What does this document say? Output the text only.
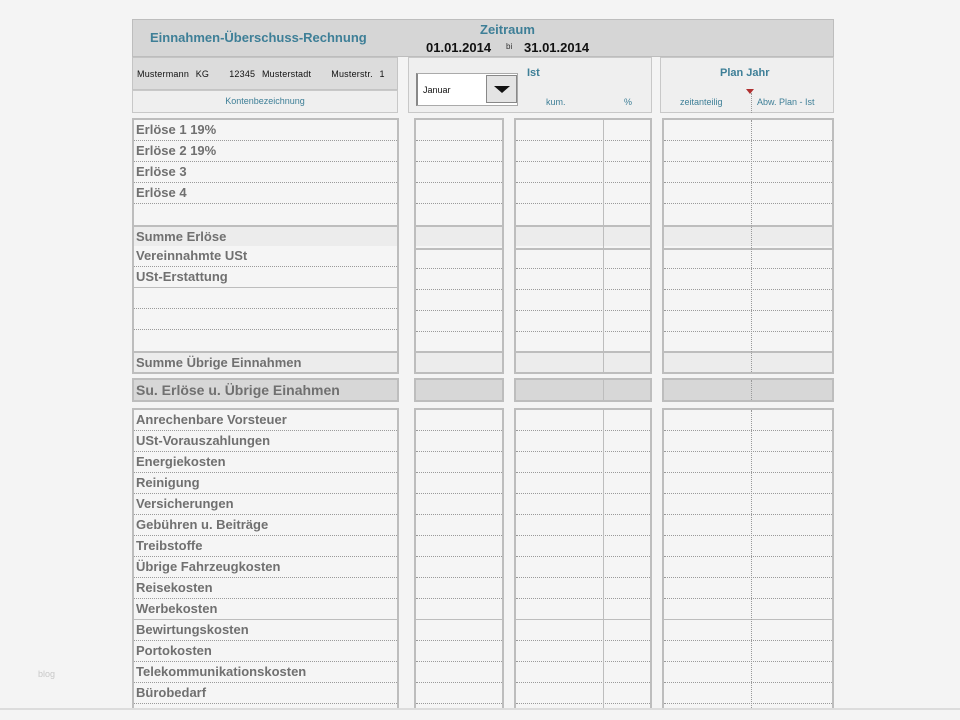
Einnahmen-Überschuss-Rechnung
Zeitraum
01.01.2014 bi 31.01.2014
Mustermann KG   12345 Musterstadt   Musterstr. 1
Kontenbezeichnung
Ist
Januar
kum.	%
Plan Jahr
zeitanteilig	Abw. Plan - Ist
Erlöse 1 19%
Erlöse 2 19%
Erlöse 3
Erlöse 4
Summe Erlöse
Vereinnahmte USt
USt-Erstattung
Summe Übrige Einnahmen
Su. Erlöse u. Übrige Einahmen
Anrechenbare Vorsteuer
USt-Vorauszahlungen
Energiekosten
Reinigung
Versicherungen
Gebühren u. Beiträge
Treibstoffe
Übrige Fahrzeugkosten
Reisekosten
Werbekosten
Bewirtungskosten
Portokosten
Telekommunikationskosten
Bürobedarf
blog
